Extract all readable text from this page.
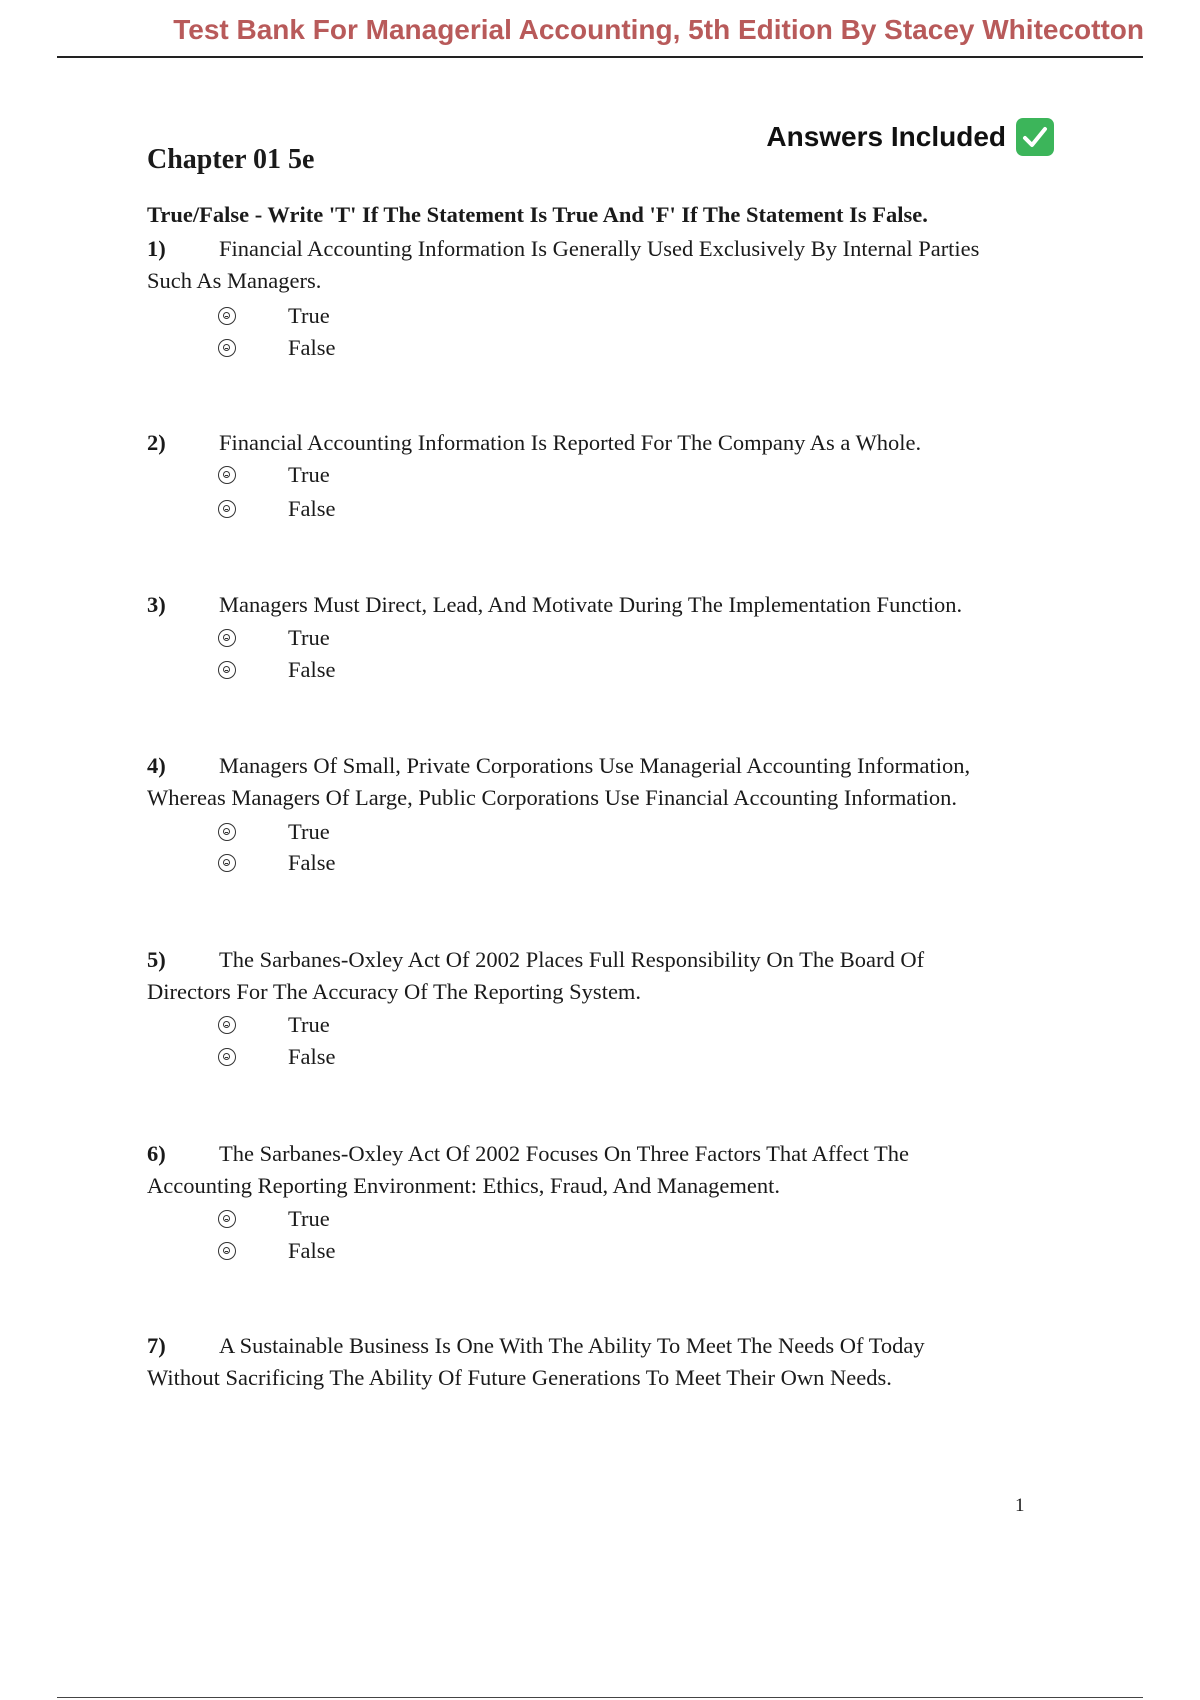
Test Bank For Managerial Accounting, 5th Edition By Stacey Whitecotton
Answers Included
Chapter 01 5e
True/False - Write 'T' If The Statement Is True And 'F' If The Statement Is False.
1) Financial Accounting Information Is Generally Used Exclusively By Internal Parties
Such As Managers.
True
False
2) Financial Accounting Information Is Reported For The Company As a Whole.
True
False
3) Managers Must Direct, Lead, And Motivate During The Implementation Function.
True
False
4) Managers Of Small, Private Corporations Use Managerial Accounting Information,
Whereas Managers Of Large, Public Corporations Use Financial Accounting Information.
True
False
5) The Sarbanes-Oxley Act Of 2002 Places Full Responsibility On The Board Of
Directors For The Accuracy Of The Reporting System.
True
False
6) The Sarbanes-Oxley Act Of 2002 Focuses On Three Factors That Affect The
Accounting Reporting Environment: Ethics, Fraud, And Management.
True
False
7) A Sustainable Business Is One With The Ability To Meet The Needs Of Today
Without Sacrificing The Ability Of Future Generations To Meet Their Own Needs.
1
